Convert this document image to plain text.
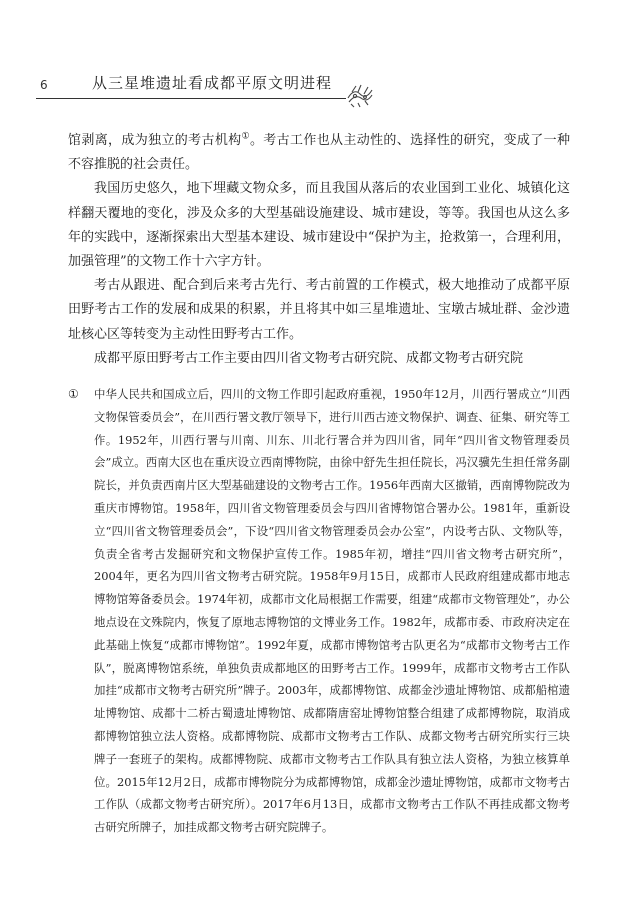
6	从三星堆遗址看成都平原文明进程

馆剥离，成为独立的考古机构①。考古工作也从主动性的、选择性的研究，变成了一种不容推脱的社会责任。

我国历史悠久，地下埋藏文物众多，而且我国从落后的农业国到工业化、城镇化这样翻天覆地的变化，涉及众多的大型基础设施建设、城市建设，等等。我国也从这么多年的实践中，逐渐探索出大型基本建设、城市建设中“保护为主，抢救第一，合理利用，加强管理”的文物工作十六字方针。

考古从跟进、配合到后来考古先行、考古前置的工作模式，极大地推动了成都平原田野考古工作的发展和成果的积累，并且将其中如三星堆遗址、宝墩古城址群、金沙遗址核心区等转变为主动性田野考古工作。

成都平原田野考古工作主要由四川省文物考古研究院、成都文物考古研究院

① 中华人民共和国成立后，四川的文物工作即引起政府重视，1950年12月，川西行署成立“川西文物保管委员会”，在川西行署文教厅领导下，进行川西古迹文物保护、调查、征集、研究等工作。1952年，川西行署与川南、川东、川北行署合并为四川省，同年“四川省文物管理委员会”成立。西南大区也在重庆设立西南博物院，由徐中舒先生担任院长，冯汉骥先生担任常务副院长，并负责西南片区大型基础建设的文物考古工作。1956年西南大区撤销，西南博物院改为重庆市博物馆。1958年，四川省文物管理委员会与四川省博物馆合署办公。1981年，重新设立“四川省文物管理委员会”，下设“四川省文物管理委员会办公室”，内设考古队、文物队等，负责全省考古发掘研究和文物保护宣传工作。1985年初，增挂“四川省文物考古研究所”，2004年，更名为四川省文物考古研究院。1958年9月15日，成都市人民政府组建成都市地志博物馆筹备委员会。1974年初，成都市文化局根据工作需要，组建“成都市文物管理处”，办公地点设在文殊院内，恢复了原地志博物馆的文博业务工作。1982年，成都市委、市政府决定在此基础上恢复“成都市博物馆”。1992年夏，成都市博物馆考古队更名为“成都市文物考古工作队”，脱离博物馆系统，单独负责成都地区的田野考古工作。1999年，成都市文物考古工作队加挂“成都市文物考古研究所”牌子。2003年，成都博物馆、成都金沙遗址博物馆、成都船棺遗址博物馆、成都十二桥古蜀遗址博物馆、成都隋唐窑址博物馆整合组建了成都博物院，取消成都博物馆独立法人资格。成都博物院、成都市文物考古工作队、成都文物考古研究所实行三块牌子一套班子的架构。成都博物院、成都市文物考古工作队具有独立法人资格，为独立核算单位。2015年12月2日，成都市博物院分为成都博物馆，成都金沙遗址博物馆，成都市文物考古工作队（成都文物考古研究所）。2017年6月13日，成都市文物考古工作队不再挂成都文物考古研究所牌子，加挂成都文物考古研究院牌子。
